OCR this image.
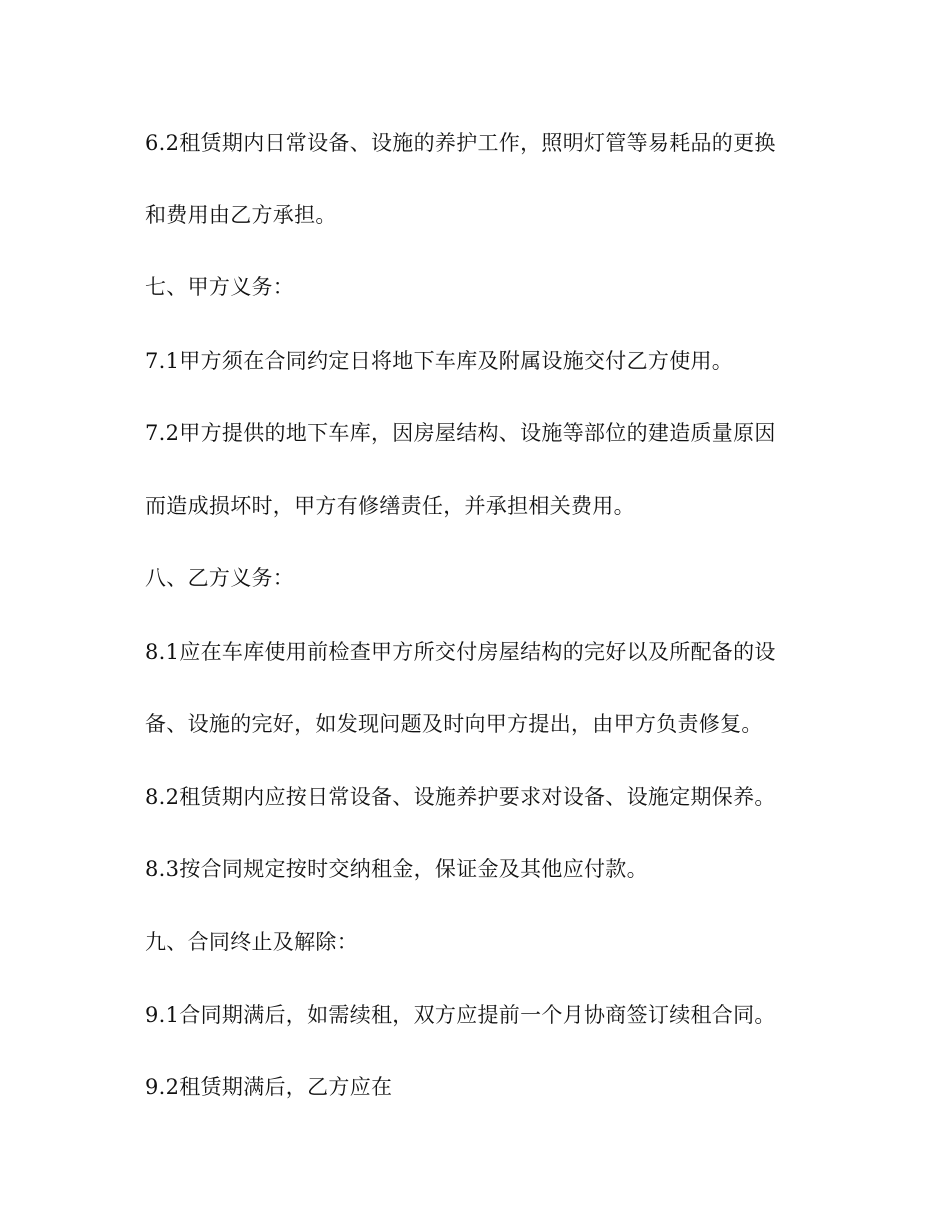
6.2租赁期内日常设备、设施的养护工作，照明灯管等易耗品的更换
和费用由乙方承担。
七、甲方义务：
7.1甲方须在合同约定日将地下车库及附属设施交付乙方使用。
7.2甲方提供的地下车库，因房屋结构、设施等部位的建造质量原因
而造成损坏时，甲方有修缮责任，并承担相关费用。
八、乙方义务：
8.1应在车库使用前检查甲方所交付房屋结构的完好以及所配备的设
备、设施的完好，如发现问题及时向甲方提出，由甲方负责修复。
8.2租赁期内应按日常设备、设施养护要求对设备、设施定期保养。
8.3按合同规定按时交纳租金，保证金及其他应付款。
九、合同终止及解除：
9.1合同期满后，如需续租，双方应提前一个月协商签订续租合同。
9.2租赁期满后，乙方应在
